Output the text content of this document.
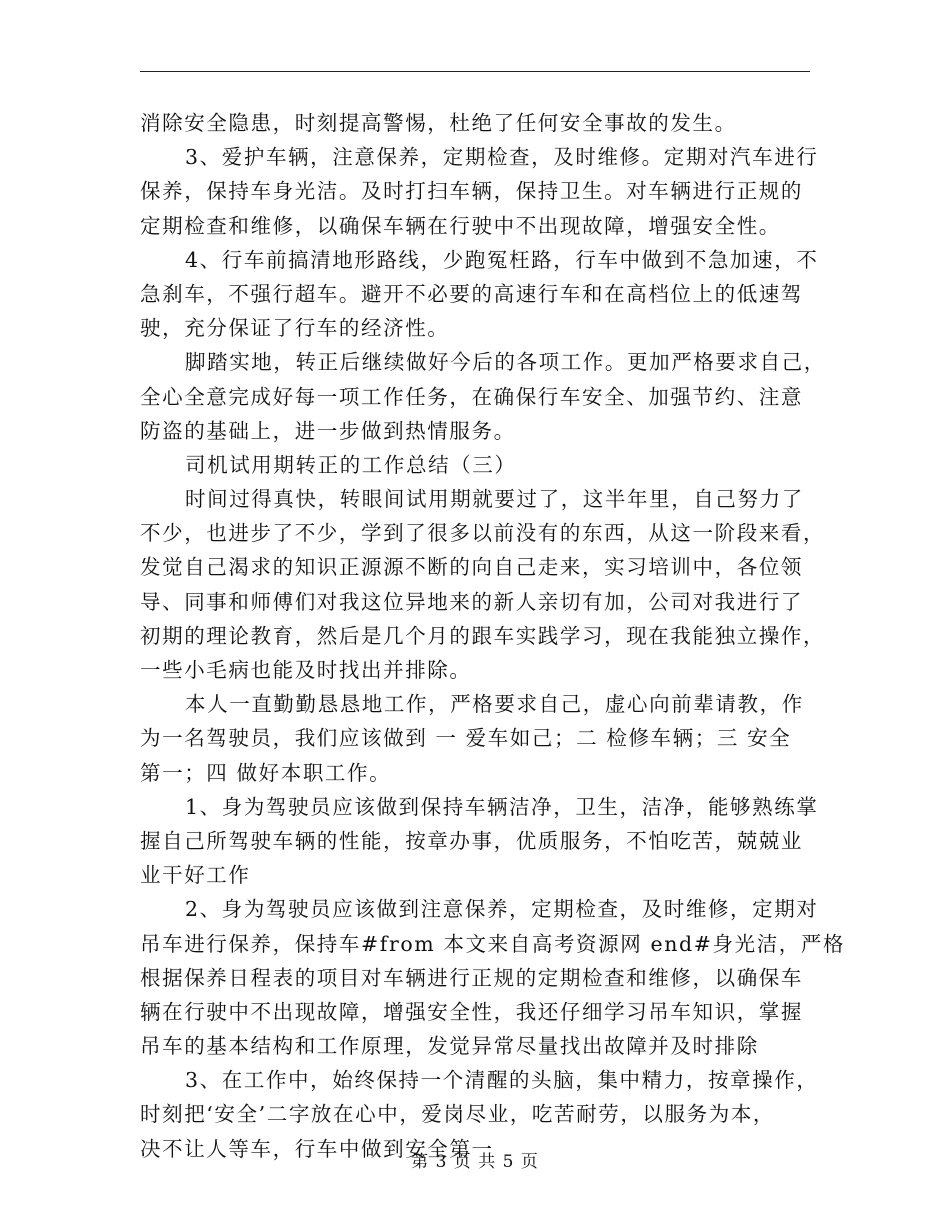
消除安全隐患，时刻提高警惕，杜绝了任何安全事故的发生。
3、爱护车辆，注意保养，定期检查，及时维修。定期对汽车进行
保养，保持车身光洁。及时打扫车辆，保持卫生。对车辆进行正规的
定期检查和维修，以确保车辆在行驶中不出现故障，增强安全性。
4、行车前搞清地形路线，少跑冤枉路，行车中做到不急加速，不
急刹车，不强行超车。避开不必要的高速行车和在高档位上的低速驾
驶，充分保证了行车的经济性。
脚踏实地，转正后继续做好今后的各项工作。更加严格要求自己，
全心全意完成好每一项工作任务，在确保行车安全、加强节约、注意
防盗的基础上，进一步做到热情服务。
司机试用期转正的工作总结（三）
时间过得真快，转眼间试用期就要过了，这半年里，自己努力了
不少，也进步了不少，学到了很多以前没有的东西，从这一阶段来看，
发觉自己渴求的知识正源源不断的向自己走来，实习培训中，各位领
导、同事和师傅们对我这位异地来的新人亲切有加，公司对我进行了
初期的理论教育，然后是几个月的跟车实践学习，现在我能独立操作，
一些小毛病也能及时找出并排除。
本人一直勤勤恳恳地工作，严格要求自己，虚心向前辈请教，作
为一名驾驶员，我们应该做到 一 爱车如己；二 检修车辆；三 安全
第一；四 做好本职工作。
1、身为驾驶员应该做到保持车辆洁净，卫生，洁净，能够熟练掌
握自己所驾驶车辆的性能，按章办事，优质服务，不怕吃苦，兢兢业
业干好工作
2、身为驾驶员应该做到注意保养，定期检查，及时维修，定期对
吊车进行保养，保持车#from 本文来自高考资源网 end#身光洁，严格
根据保养日程表的项目对车辆进行正规的定期检查和维修，以确保车
辆在行驶中不出现故障，增强安全性，我还仔细学习吊车知识，掌握
吊车的基本结构和工作原理，发觉异常尽量找出故障并及时排除
3、在工作中，始终保持一个清醒的头脑，集中精力，按章操作，
时刻把‘安全’二字放在心中，爱岗尽业，吃苦耐劳，以服务为本，
决不让人等车，行车中做到安全第一
第 3 页 共 5 页
